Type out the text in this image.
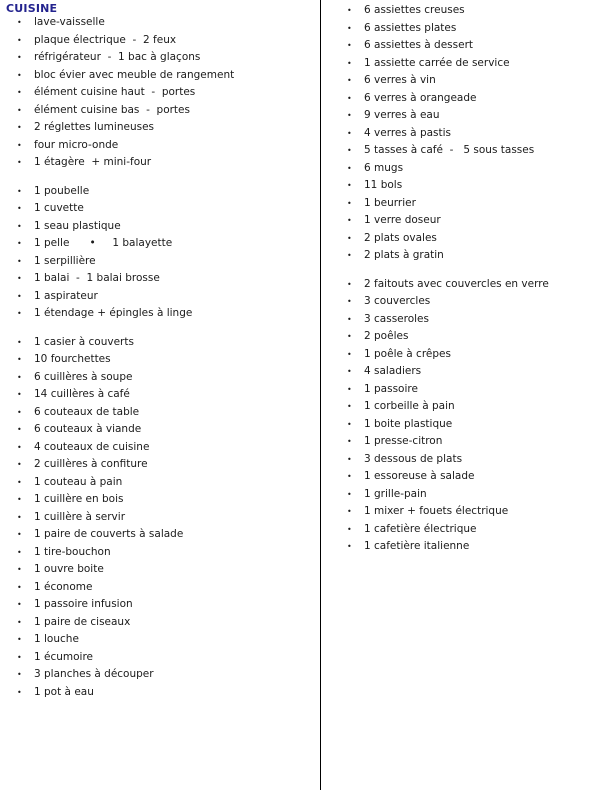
CUISINE
• lave-vaisselle
• plaque électrique  -  2 feux
• réfrigérateur  -  1 bac à glaçons
• bloc évier avec meuble de rangement
• élément cuisine haut  -  portes
• élément cuisine bas  -  portes
• 2 réglettes lumineuses
• four micro-onde
• 1 étagère  + mini-four
• 1 poubelle
• 1 cuvette
• 1 seau plastique
• 1 pelle      •     1 balayette
• 1 serpillière
• 1 balai  -  1 balai brosse
• 1 aspirateur
• 1 étendage + épingles à linge
• 1 casier à couverts
• 10 fourchettes
• 6 cuillères à soupe
• 14 cuillères à café
• 6 couteaux de table
• 6 couteaux à viande
• 4 couteaux de cuisine
• 2 cuillères à confiture
• 1 couteau à pain
• 1 cuillère en bois
• 1 cuillère à servir
• 1 paire de couverts à salade
• 1 tire-bouchon
• 1 ouvre boite
• 1 économe
• 1 passoire infusion
• 1 paire de ciseaux
• 1 louche
• 1 écumoire
• 3 planches à découper
• 1 pot à eau
• 6 assiettes creuses
• 6 assiettes plates
• 6 assiettes à dessert
• 1 assiette carrée de service
• 6 verres à vin
• 6 verres à orangeade
• 9 verres à eau
• 4 verres à pastis
• 5 tasses à café  -   5 sous tasses
• 6 mugs
• 11 bols
• 1 beurrier
• 1 verre doseur
• 2 plats ovales
• 2 plats à gratin
• 2 faitouts avec couvercles en verre
• 3 couvercles
• 3 casseroles
• 2 poêles
• 1 poêle à crêpes
• 4 saladiers
• 1 passoire
• 1 corbeille à pain
• 1 boite plastique
• 1 presse-citron
• 3 dessous de plats
• 1 essoreuse à salade
• 1 grille-pain
• 1 mixer + fouets électrique
• 1 cafetière électrique
• 1 cafetière italienne
